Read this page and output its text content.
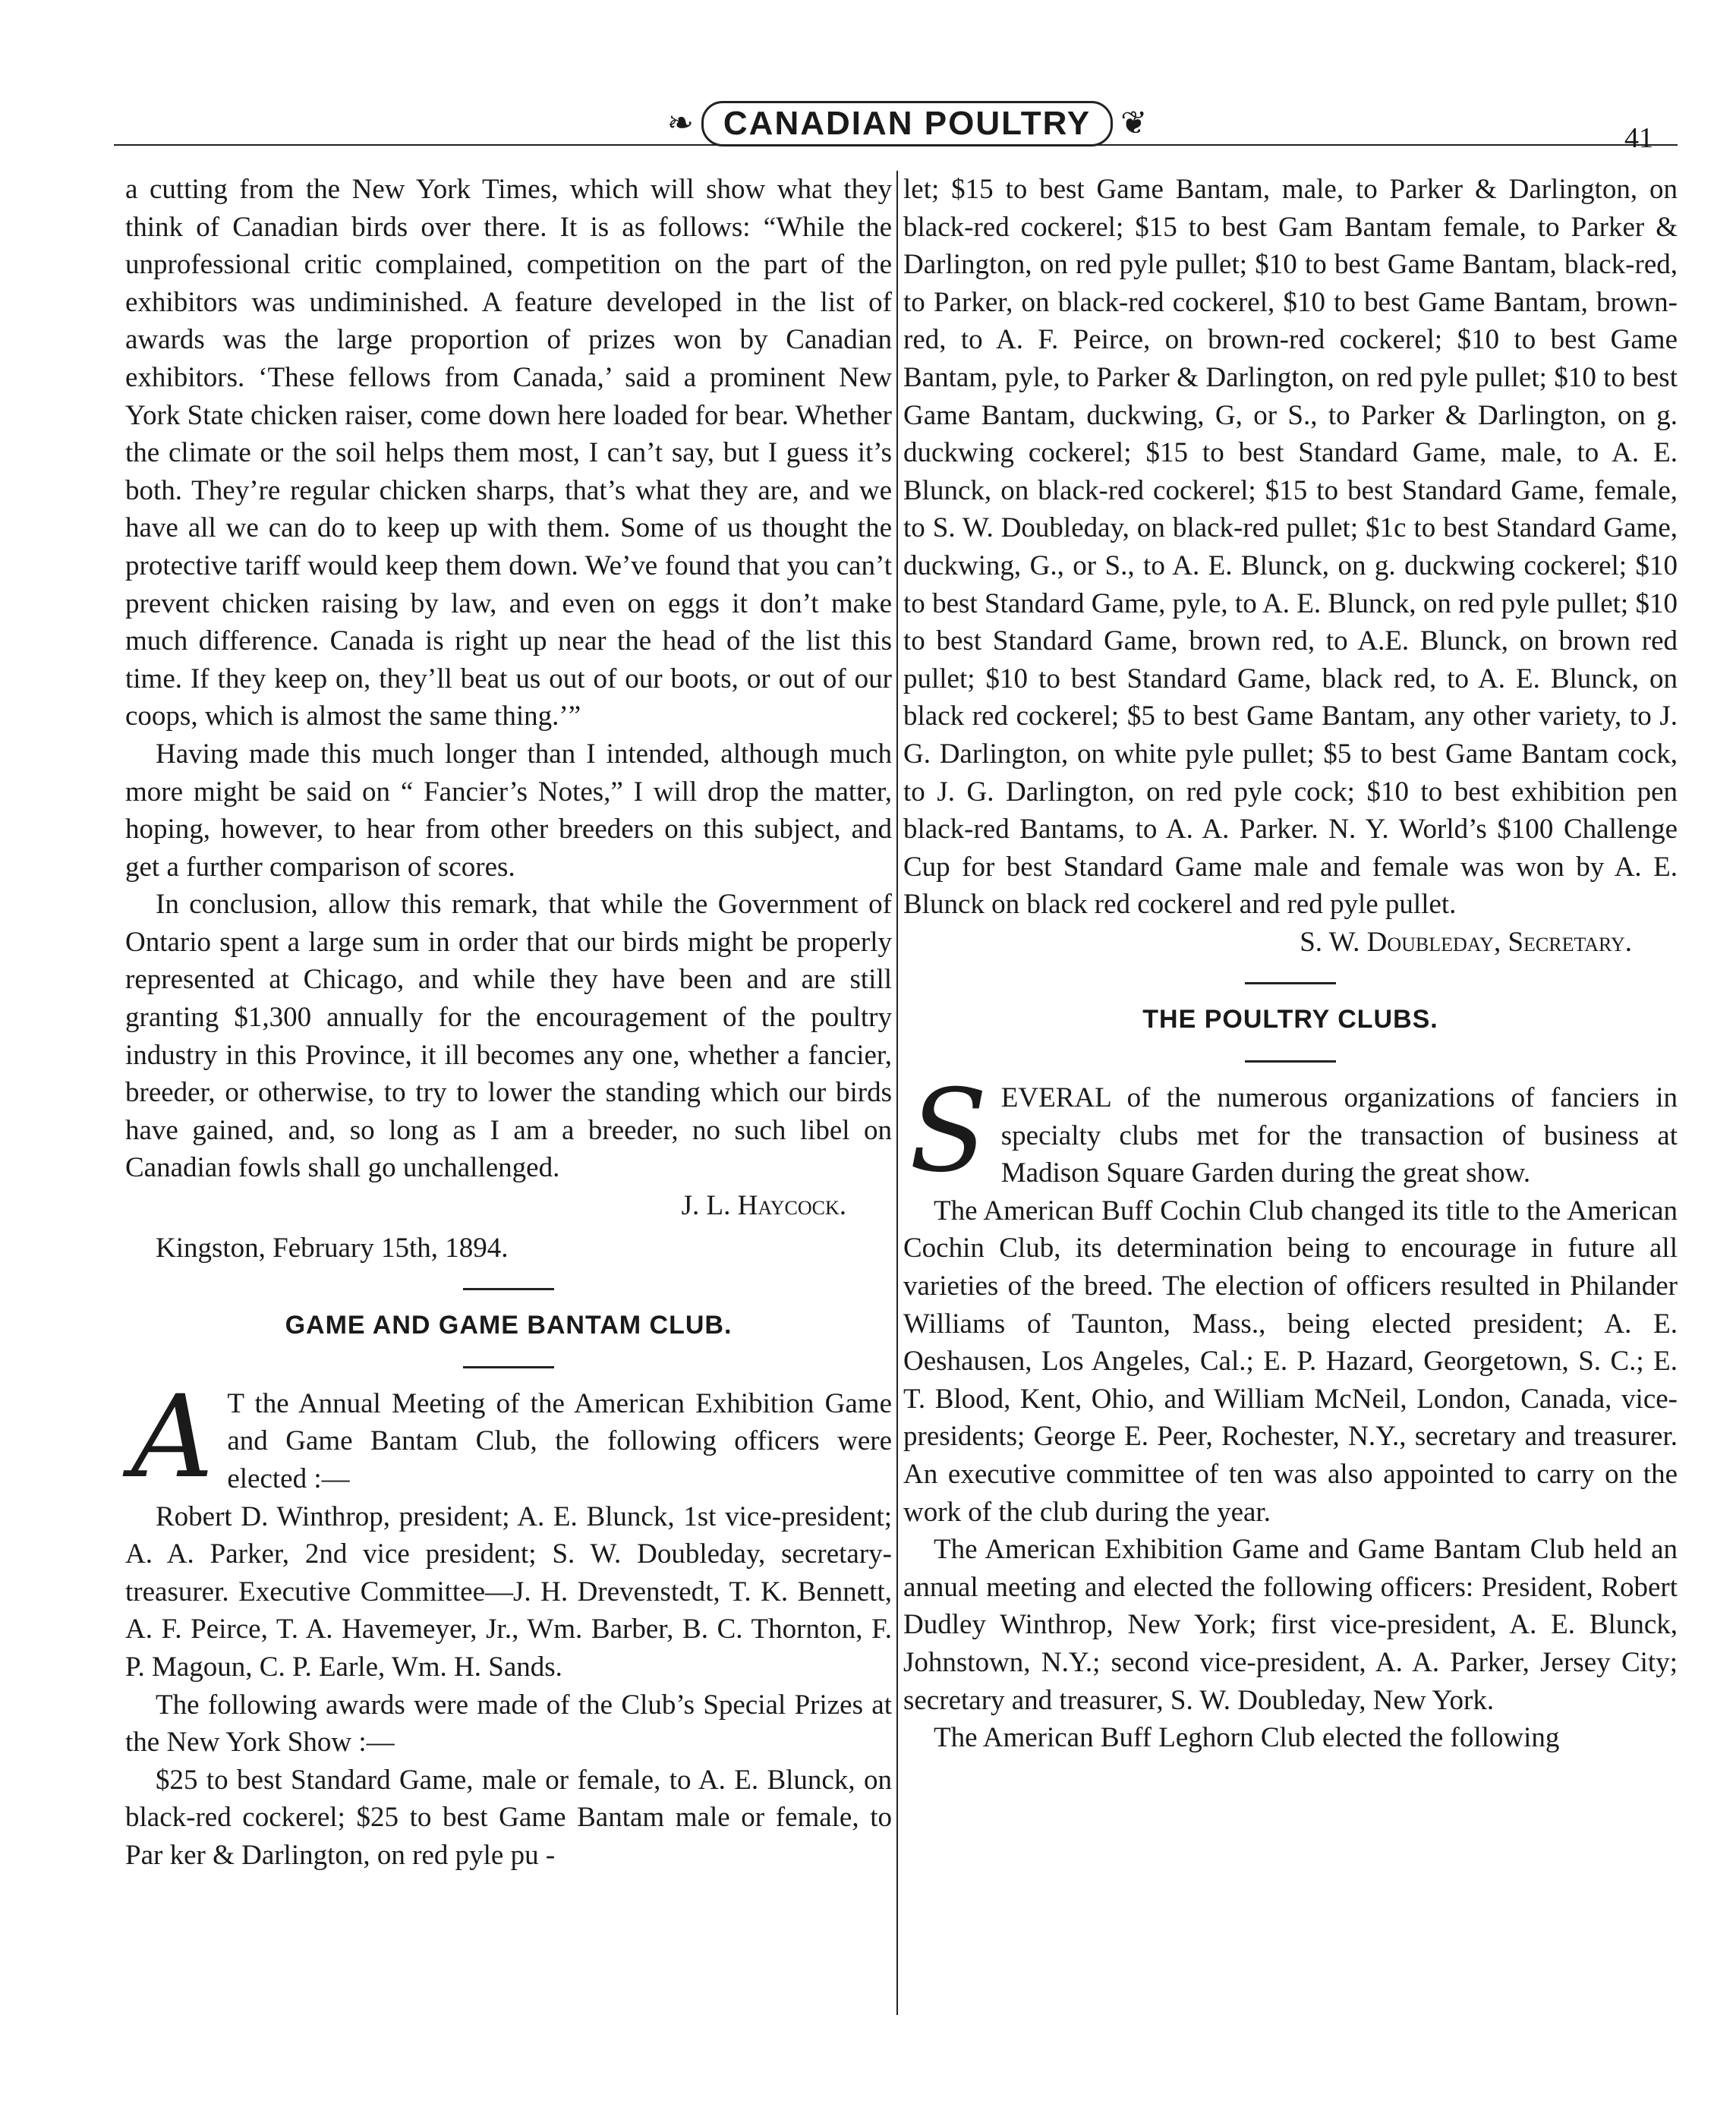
❧ CANADIAN POULTRY ❦	41

a cutting from the New York Times, which will show what they think of Canadian birds over there. It is as follows: “While the unprofessional critic complained, competition on the part of the exhibitors was undiminished. A feature developed in the list of awards was the large proportion of prizes won by Canadian exhibitors. ‘These fellows from Canada,’ said a prominent New York State chicken raiser, come down here loaded for bear. Whether the climate or the soil helps them most, I can’t say, but I guess it’s both. They’re regular chicken sharps, that’s what they are, and we have all we can do to keep up with them. Some of us thought the protective tariff would keep them down. We’ve found that you can’t prevent chicken raising by law, and even on eggs it don’t make much difference. Canada is right up near the head of the list this time. If they keep on, they’ll beat us out of our boots, or out of our coops, which is almost the same thing.’”

Having made this much longer than I intended, although much more might be said on “ Fancier’s Notes,” I will drop the matter, hoping, however, to hear from other breeders on this subject, and get a further comparison of scores.

In conclusion, allow this remark, that while the Government of Ontario spent a large sum in order that our birds might be properly represented at Chicago, and while they have been and are still granting $1,300 annually for the encouragement of the poultry industry in this Province, it ill becomes any one, whether a fancier, breeder, or otherwise, to try to lower the standing which our birds have gained, and, so long as I am a breeder, no such libel on Canadian fowls shall go unchallenged.

J. L. Haycock.

Kingston, February 15th, 1894.
GAME AND GAME BANTAM CLUB.

A T the Annual Meeting of the American Exhibition Game and Game Bantam Club, the following officers were elected :—

Robert D. Winthrop, president; A. E. Blunck, 1st vice-president; A. A. Parker, 2nd vice president; S. W. Doubleday, secretary-treasurer. Executive Committee—J. H. Drevenstedt, T. K. Bennett, A. F. Peirce, T. A. Havemeyer, Jr., Wm. Barber, B. C. Thornton, F. P. Magoun, C. P. Earle, Wm. H. Sands.

The following awards were made of the Club’s Special Prizes at the New York Show :—

$25 to best Standard Game, male or female, to A. E. Blunck, on black-red cockerel; $25 to best Game Bantam male or female, to Par ker & Darlington, on red pyle pu -

let; $15 to best Game Bantam, male, to Parker & Darlington, on black-red cockerel; $15 to best Gam Bantam female, to Parker & Darlington, on red pyle pullet; $10 to best Game Bantam, black-red, to Parker, on black-red cockerel, $10 to best Game Bantam, brown-red, to A. F. Peirce, on brown-red cockerel; $10 to best Game Bantam, pyle, to Parker & Darlington, on red pyle pullet; $10 to best Game Bantam, duckwing, G, or S., to Parker & Darlington, on g. duckwing cockerel; $15 to best Standard Game, male, to A. E. Blunck, on black-red cockerel; $15 to best Standard Game, female, to S. W. Doubleday, on black-red pullet; $1c to best Standard Game, duckwing, G., or S., to A. E. Blunck, on g. duckwing cockerel; $10 to best Standard Game, pyle, to A. E. Blunck, on red pyle pullet; $10 to best Standard Game, brown red, to A.E. Blunck, on brown red pullet; $10 to best Standard Game, black red, to A. E. Blunck, on black red cockerel; $5 to best Game Bantam, any other variety, to J. G. Darlington, on white pyle pullet; $5 to best Game Bantam cock, to J. G. Darlington, on red pyle cock; $10 to best exhibition pen black-red Bantams, to A. A. Parker. N. Y. World’s $100 Challenge Cup for best Standard Game male and female was won by A. E. Blunck on black red cockerel and red pyle pullet.

S. W. Doubleday, Secretary.

THE POULTRY CLUBS.

SEVERAL of the numerous organizations of fanciers in specialty clubs met for the transaction of business at Madison Square Garden during the great show.

The American Buff Cochin Club changed its title to the American Cochin Club, its determination being to encourage in future all varieties of the breed. The election of officers resulted in Philander Williams of Taunton, Mass., being elected president; A. E. Oeshausen, Los Angeles, Cal.; E. P. Hazard, Georgetown, S. C.; E. T. Blood, Kent, Ohio, and William McNeil, London, Canada, vice-presidents; George E. Peer, Rochester, N.Y., secretary and treasurer. An executive committee of ten was also appointed to carry on the work of the club during the year.

The American Exhibition Game and Game Bantam Club held an annual meeting and elected the following officers: President, Robert Dudley Winthrop, New York; first vice-president, A. E. Blunck, Johnstown, N.Y.; second vice-president, A. A. Parker, Jersey City; secretary and treasurer, S. W. Doubleday, New York.

The American Buff Leghorn Club elected the following
